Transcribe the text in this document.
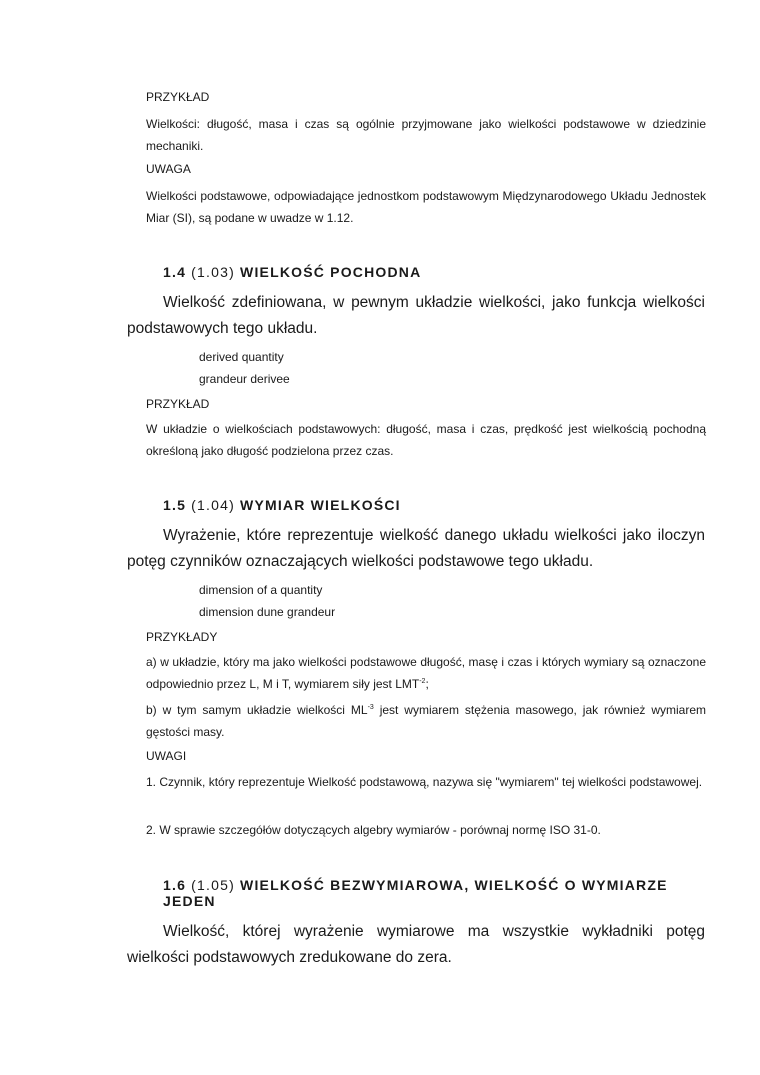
PRZYKŁAD

Wielkości: długość, masa i czas są ogólnie przyjmowane jako wielkości podstawowe w dziedzinie mechaniki.

UWAGA

Wielkości podstawowe, odpowiadające jednostkom podstawowym Międzynarodowego Układu Jednostek Miar (SI), są podane w uwadze w 1.12.

1.4 (1.03) WIELKOŚĆ POCHODNA

Wielkość zdefiniowana, w pewnym układzie wielkości, jako funkcja wielkości podstawowych tego układu.

derived quantity

grandeur derivee

PRZYKŁAD

W układzie o wielkościach podstawowych: długość, masa i czas, prędkość jest wielkością pochodną określoną jako długość podzielona przez czas.

1.5 (1.04) WYMIAR WIELKOŚCI

Wyrażenie, które reprezentuje wielkość danego układu wielkości jako iloczyn potęg czynników oznaczających wielkości podstawowe tego układu.

dimension of a quantity

dimension dune grandeur

PRZYKŁADY

a) w układzie, który ma jako wielkości podstawowe długość, masę i czas i których wymiary są oznaczone odpowiednio przez L, M i T, wymiarem siły jest $LMT^{-2}$;

b) w tym samym układzie wielkości $ML^{-3}$ jest wymiarem stężenia masowego, jak również wymiarem gęstości masy.

UWAGI

1. Czynnik, który reprezentuje Wielkość podstawową, nazywa się "wymiarem" tej wielkości podstawowej.

2. W sprawie szczegółów dotyczących algebry wymiarów - porównaj normę ISO 31-0.

1.6 (1.05) WIELKOŚĆ BEZWYMIAROWA, WIELKOŚĆ O WYMIARZE JEDEN

Wielkość, której wyrażenie wymiarowe ma wszystkie wykładniki potęg wielkości podstawowych zredukowane do zera.
